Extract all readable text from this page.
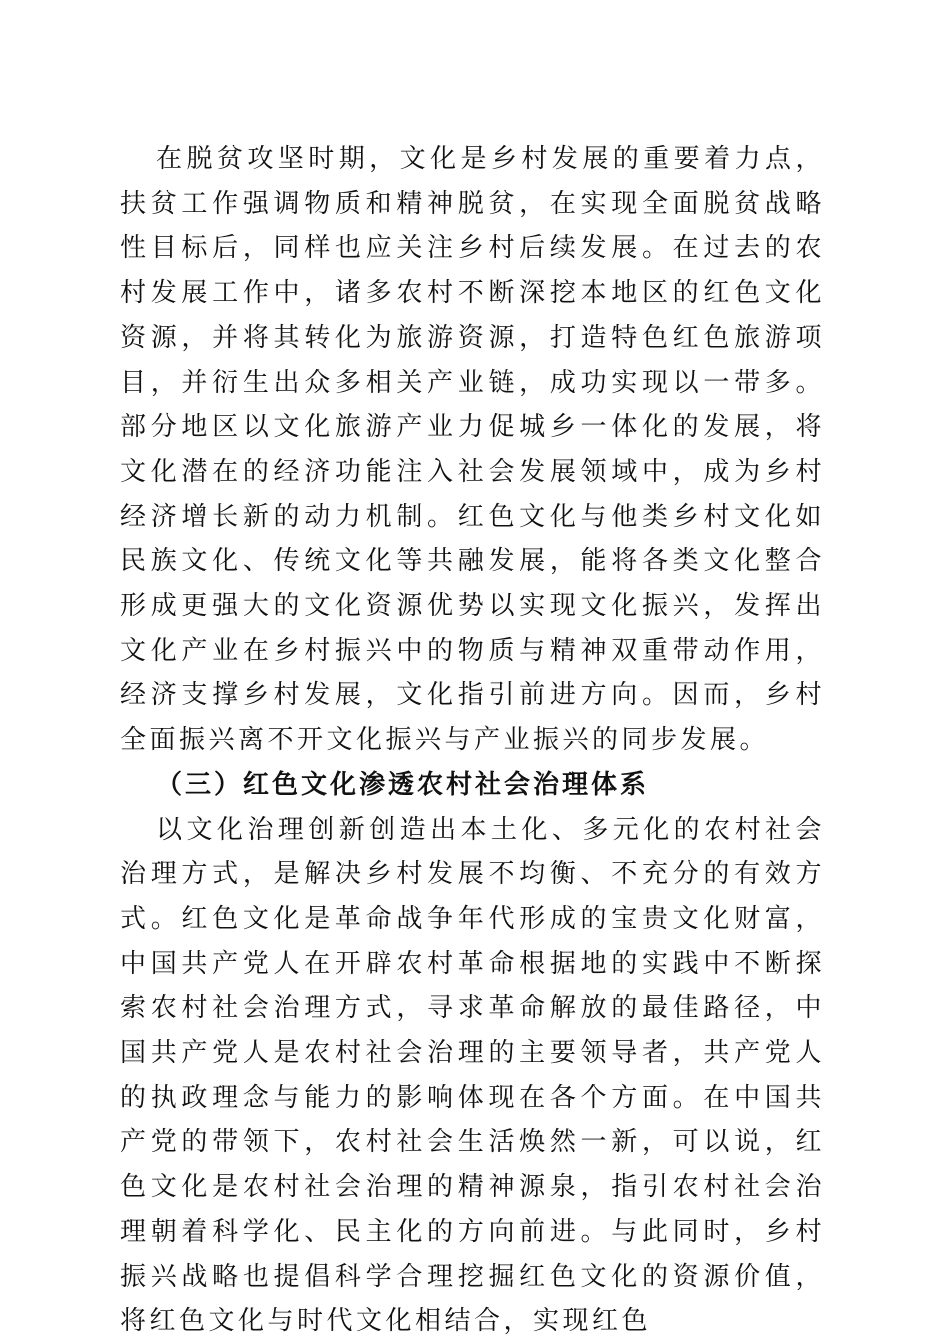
在脱贫攻坚时期，文化是乡村发展的重要着力点，扶贫工作强调物质和精神脱贫，在实现全面脱贫战略性目标后，同样也应关注乡村后续发展。在过去的农村发展工作中，诸多农村不断深挖本地区的红色文化资源，并将其转化为旅游资源，打造特色红色旅游项目，并衍生出众多相关产业链，成功实现以一带多。部分地区以文化旅游产业力促城乡一体化的发展，将文化潜在的经济功能注入社会发展领域中，成为乡村经济增长新的动力机制。红色文化与他类乡村文化如民族文化、传统文化等共融发展，能将各类文化整合形成更强大的文化资源优势以实现文化振兴，发挥出文化产业在乡村振兴中的物质与精神双重带动作用，经济支撑乡村发展，文化指引前进方向。因而，乡村全面振兴离不开文化振兴与产业振兴的同步发展。

（三）红色文化渗透农村社会治理体系

以文化治理创新创造出本土化、多元化的农村社会治理方式，是解决乡村发展不均衡、不充分的有效方式。红色文化是革命战争年代形成的宝贵文化财富，中国共产党人在开辟农村革命根据地的实践中不断探索农村社会治理方式，寻求革命解放的最佳路径，中国共产党人是农村社会治理的主要领导者，共产党人的执政理念与能力的影响体现在各个方面。在中国共产党的带领下，农村社会生活焕然一新，可以说，红色文化是农村社会治理的精神源泉，指引农村社会治理朝着科学化、民主化的方向前进。与此同时，乡村振兴战略也提倡科学合理挖掘红色文化的资源价值，将红色文化与时代文化相结合，实现红色
